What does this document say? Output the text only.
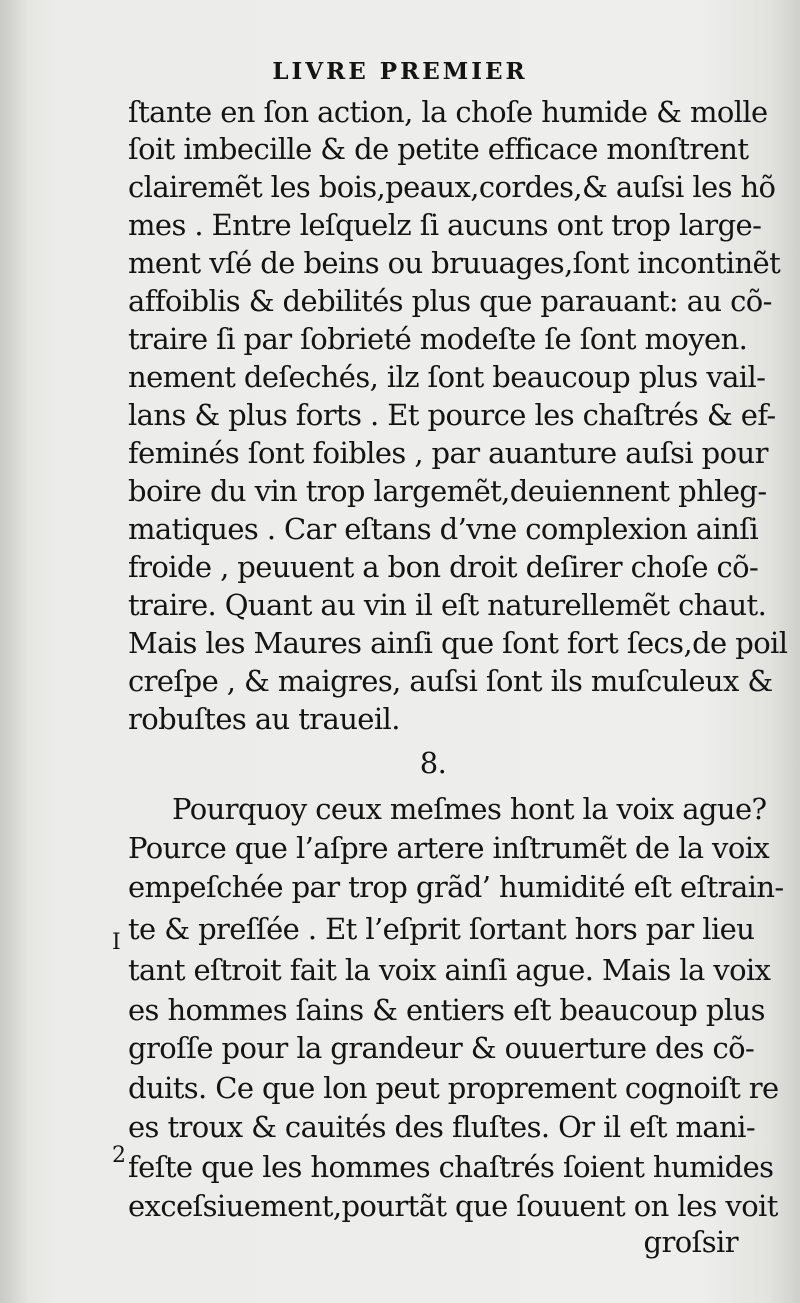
LIVRE PREMIER
ſtante en ſon action, la choſe humide & molle
ſoit imbecille & de petite efficace monſtrent
clairemẽt les bois,peaux,cordes,& auſsi les hõ
mes . Entre leſquelz ſi aucuns ont trop large-
ment vſé de beins ou bruuages,ſont incontinẽt
affoiblis & debilités plus que parauant: au cõ-
traire ſi par ſobrieté modeſte ſe ſont moyen.
nement deſechés, ilz ſont beaucoup plus vail-
lans & plus forts . Et pource les chaſtrés & ef-
feminés ſont foibles , par auanture auſsi pour
boire du vin trop largemẽt,deuiennent phleg-
matiques . Car eſtans d’vne complexion ainſi
froide , peuuent a bon droit deſirer choſe cõ-
traire. Quant au vin il eſt naturellemẽt chaut.
Mais les Maures ainſi que ſont fort ſecs,de poil
creſpe , & maigres, auſsi ſont ils muſculeux &
robuſtes au traueil.
8.
Pourquoy ceux meſmes hont la voix ague?
Pource que l’aſpre artere inſtrumẽt de la voix
empeſchée par trop grãd’ humidité eſt eſtrain-
I te & preſſée . Et l’eſprit ſortant hors par lieu
tant eſtroit fait la voix ainſi ague. Mais la voix
es hommes ſains & entiers eſt beaucoup plus
groſſe pour la grandeur & ouuerture des cõ-
duits. Ce que lon peut proprement cognoiſt re
es troux & cauités des fluſtes. Or il eſt mani-
2 feſte que les hommes chaſtrés ſoient humides
exceſsiuement,pourtãt que ſouuent on les voit
groſsir
